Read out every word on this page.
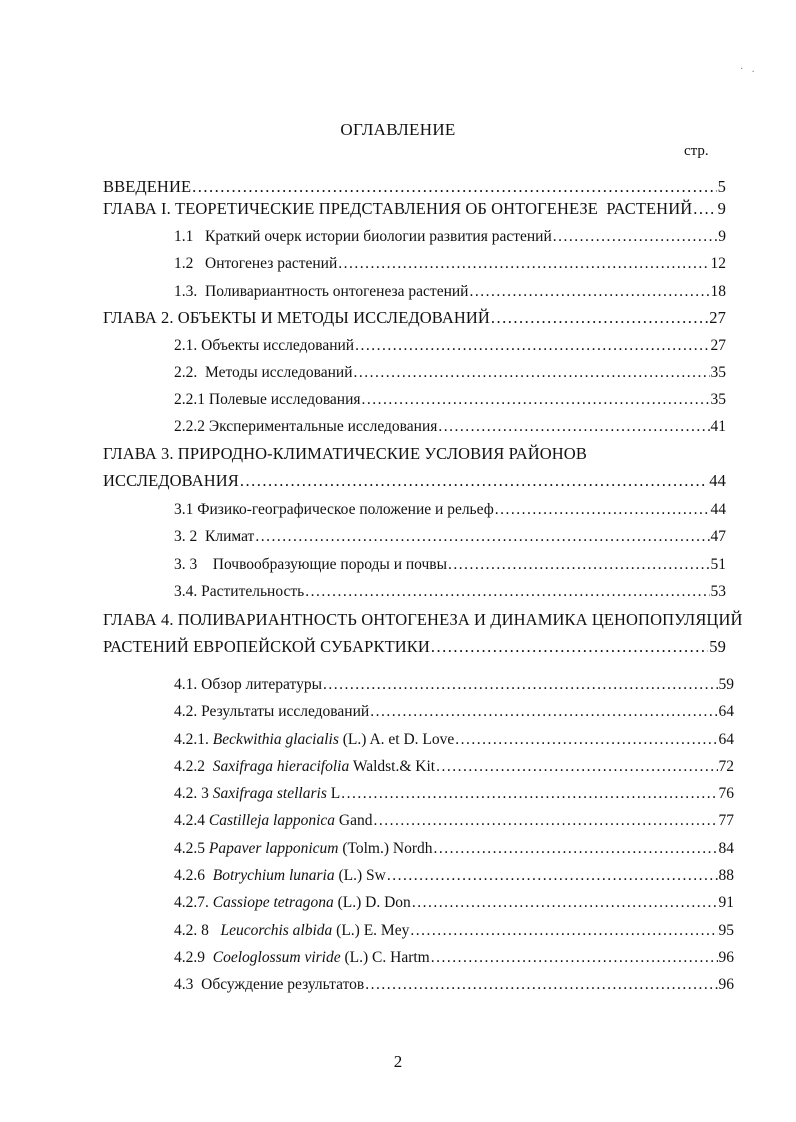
· .
ОГЛАВЛЕНИЕ
стр.
ВВЕДЕНИЕ .....	5
ГЛАВА I. ТЕОРЕТИЧЕСКИЕ ПРЕДСТАВЛЕНИЯ ОБ ОНТОГЕНЕЗЕ  РАСТЕНИЙ ..... 9
1.1   Краткий очерк истории биологии развития растений .....	9
1.2   Онтогенез растений .....	12
1.3.  Поливариантность онтогенеза растений .....	18
ГЛАВА 2. ОБЪЕКТЫ И МЕТОДЫ ИССЛЕДОВАНИЙ .....	27
2.1. Объекты исследований .....	27
2.2.  Методы исследований .....	35
2.2.1 Полевые исследования .....	35
2.2.2 Экспериментальные исследования .....	41
ГЛАВА 3. ПРИРОДНО-КЛИМАТИЧЕСКИЕ УСЛОВИЯ РАЙОНОВ
ИССЛЕДОВАНИЯ .....	44
3.1 Физико-географическое положение и рельеф .....	44
3. 2  Климат .....	47
3. 3    Почвообразующие породы и почвы .....	51
3.4. Растительность .....	53
ГЛАВА 4. ПОЛИВАРИАНТНОСТЬ ОНТОГЕНЕЗА И ДИНАМИКА ЦЕНОПОПУЛЯЦИЙ
РАСТЕНИЙ ЕВРОПЕЙСКОЙ СУБАРКТИКИ .....	59
4.1. Обзор литературы .....	59
4.2. Результаты исследований .....	64
4.2.1. Beckwithia glacialis (L.) A. et D. Love .....	64
4.2.2  Saxifraga hieracifolia Waldst.& Kit .....	72
4.2. 3 Saxifraga stellaris L .....	76
4.2.4 Castilleja lapponica Gand .....	77
4.2.5 Papaver lapponicum (Tolm.) Nordh .....	84
4.2.6  Botrychium lunaria (L.) Sw .....	88
4.2.7. Cassiope tetragona (L.) D. Don .....	91
4.2. 8   Leucorchis albida (L.) E. Mey .....	95
4.2.9  Coeloglossum viride (L.) C. Hartm .....	96
4.3  Обсуждение результатов .....	96
2
